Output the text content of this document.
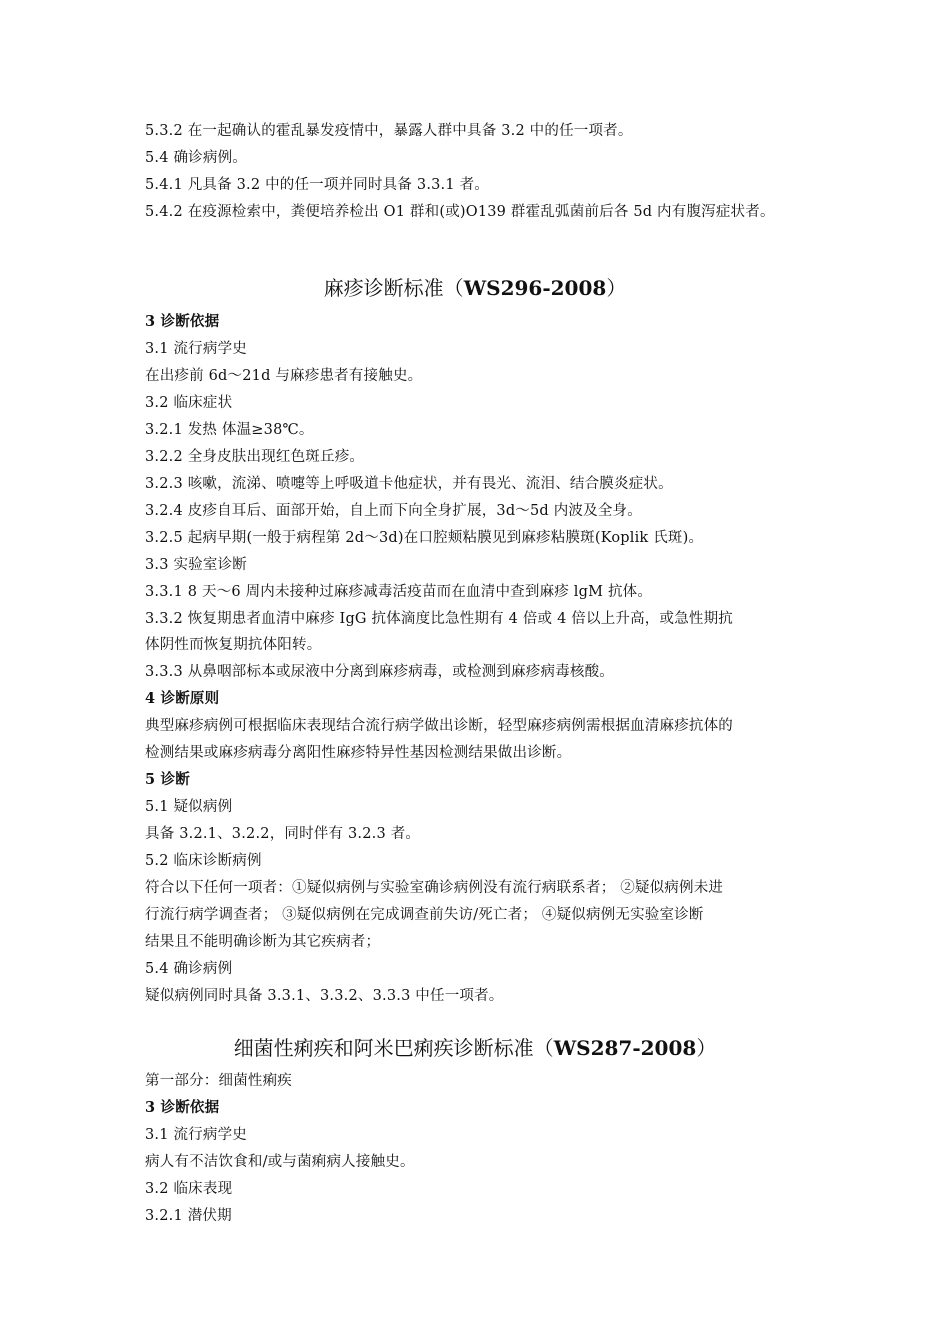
5.3.2 在一起确认的霍乱暴发疫情中，暴露人群中具备 3.2 中的任一项者。
5.4 确诊病例。
5.4.1 凡具备 3.2 中的任一项并同时具备 3.3.1 者。
5.4.2 在疫源检索中，粪便培养检出 O1 群和(或)O139 群霍乱弧菌前后各 5d 内有腹泻症状者。
麻疹诊断标准（WS296-2008）
3 诊断依据
3.1 流行病学史
在出疹前 6d～21d 与麻疹患者有接触史。
3.2 临床症状
3.2.1 发热 体温≥38℃。
3.2.2 全身皮肤出现红色斑丘疹。
3.2.3 咳嗽，流涕、喷嚏等上呼吸道卡他症状，并有畏光、流泪、结合膜炎症状。
3.2.4 皮疹自耳后、面部开始，自上而下向全身扩展，3d～5d 内波及全身。
3.2.5 起病早期(一般于病程第 2d～3d)在口腔颊粘膜见到麻疹粘膜斑(Koplik 氏斑)。
3.3 实验室诊断
3.3.1 8 天～6 周内未接种过麻疹减毒活疫苗而在血清中查到麻疹 lgM 抗体。
3.3.2 恢复期患者血清中麻疹 IgG 抗体滴度比急性期有 4 倍或 4 倍以上升高，或急性期抗
体阴性而恢复期抗体阳转。
3.3.3 从鼻咽部标本或尿液中分离到麻疹病毒，或检测到麻疹病毒核酸。
4 诊断原则
典型麻疹病例可根据临床表现结合流行病学做出诊断，轻型麻疹病例需根据血清麻疹抗体的
检测结果或麻疹病毒分离阳性麻疹特异性基因检测结果做出诊断。
5 诊断
5.1 疑似病例
具备 3.2.1、3.2.2，同时伴有 3.2.3 者。
5.2 临床诊断病例
符合以下任何一项者：①疑似病例与实验室确诊病例没有流行病联系者； ②疑似病例未进
行流行病学调查者； ③疑似病例在完成调查前失访/死亡者； ④疑似病例无实验室诊断
结果且不能明确诊断为其它疾病者；
5.4 确诊病例
疑似病例同时具备 3.3.1、3.3.2、3.3.3 中任一项者。
细菌性痢疾和阿米巴痢疾诊断标准（WS287-2008）
第一部分：细菌性痢疾
3 诊断依据
3.1 流行病学史
病人有不洁饮食和/或与菌痢病人接触史。
3.2 临床表现
3.2.1 潜伏期
